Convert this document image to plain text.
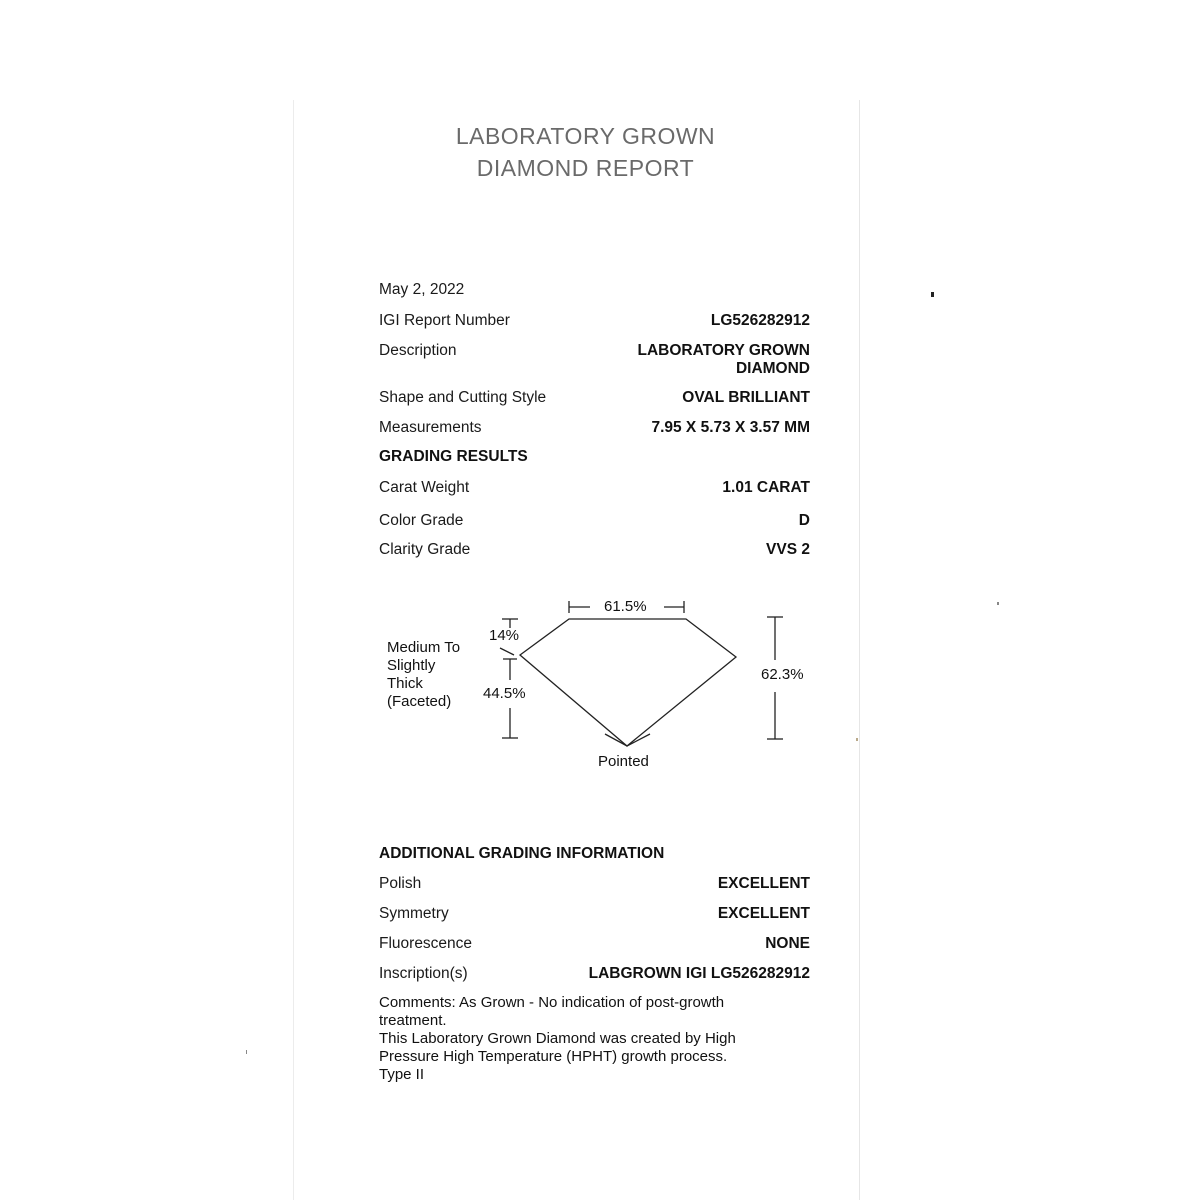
LABORATORY GROWN
DIAMOND REPORT
May 2, 2022
IGI Report Number	LG526282912
Description	LABORATORY GROWN
DIAMOND
Shape and Cutting Style	OVAL BRILLIANT
Measurements	7.95 X 5.73 X 3.57 MM
GRADING RESULTS
Carat Weight	1.01 CARAT
Color Grade	D
Clarity Grade	VVS 2
61.5%
14%
44.5%
62.3%
Pointed
Medium To
Slightly
Thick
(Faceted)
ADDITIONAL GRADING INFORMATION
Polish	EXCELLENT
Symmetry	EXCELLENT
Fluorescence	NONE
Inscription(s)	LABGROWN IGI LG526282912
Comments: As Grown - No indication of post-growth
treatment.
This Laboratory Grown Diamond was created by High
Pressure High Temperature (HPHT) growth process.
Type II
